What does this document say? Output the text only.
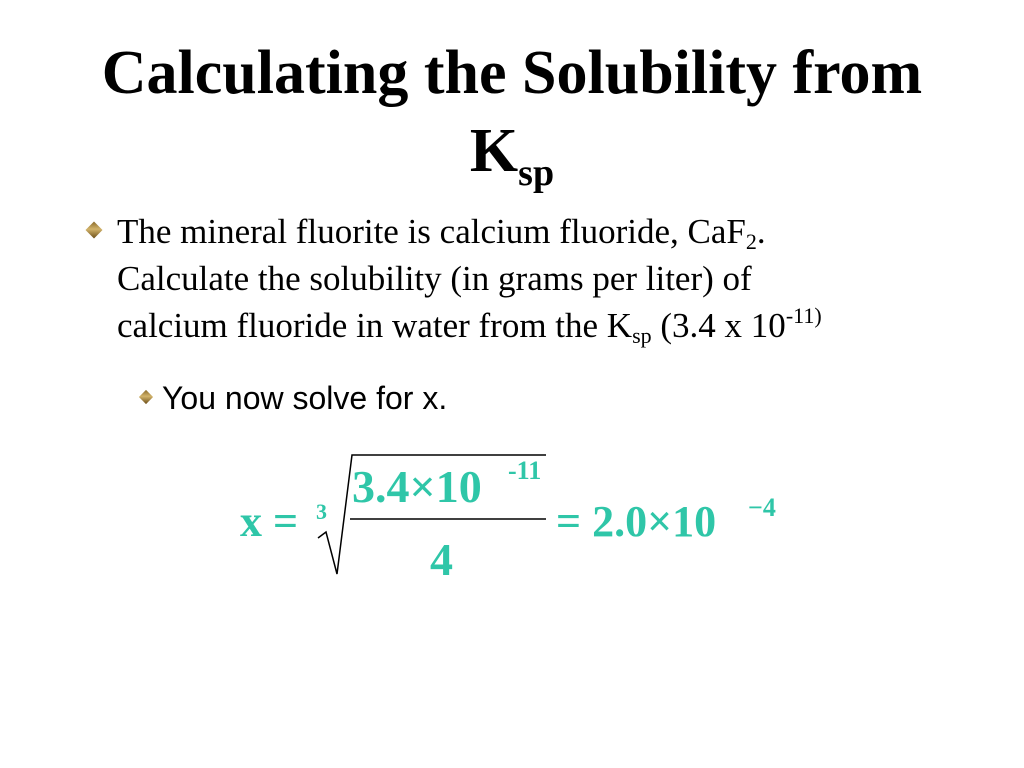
Calculating the Solubility from
$K_{sp}$
The mineral fluorite is calcium fluoride, CaF$_2$.
Calculate the solubility (in grams per liter) of
calcium fluoride in water from the $K_{sp}$ (3.4 x $10^{-11)}$
You now solve for x.
x = 3 3.4×10 -11
4
= 2.0×10 −4
